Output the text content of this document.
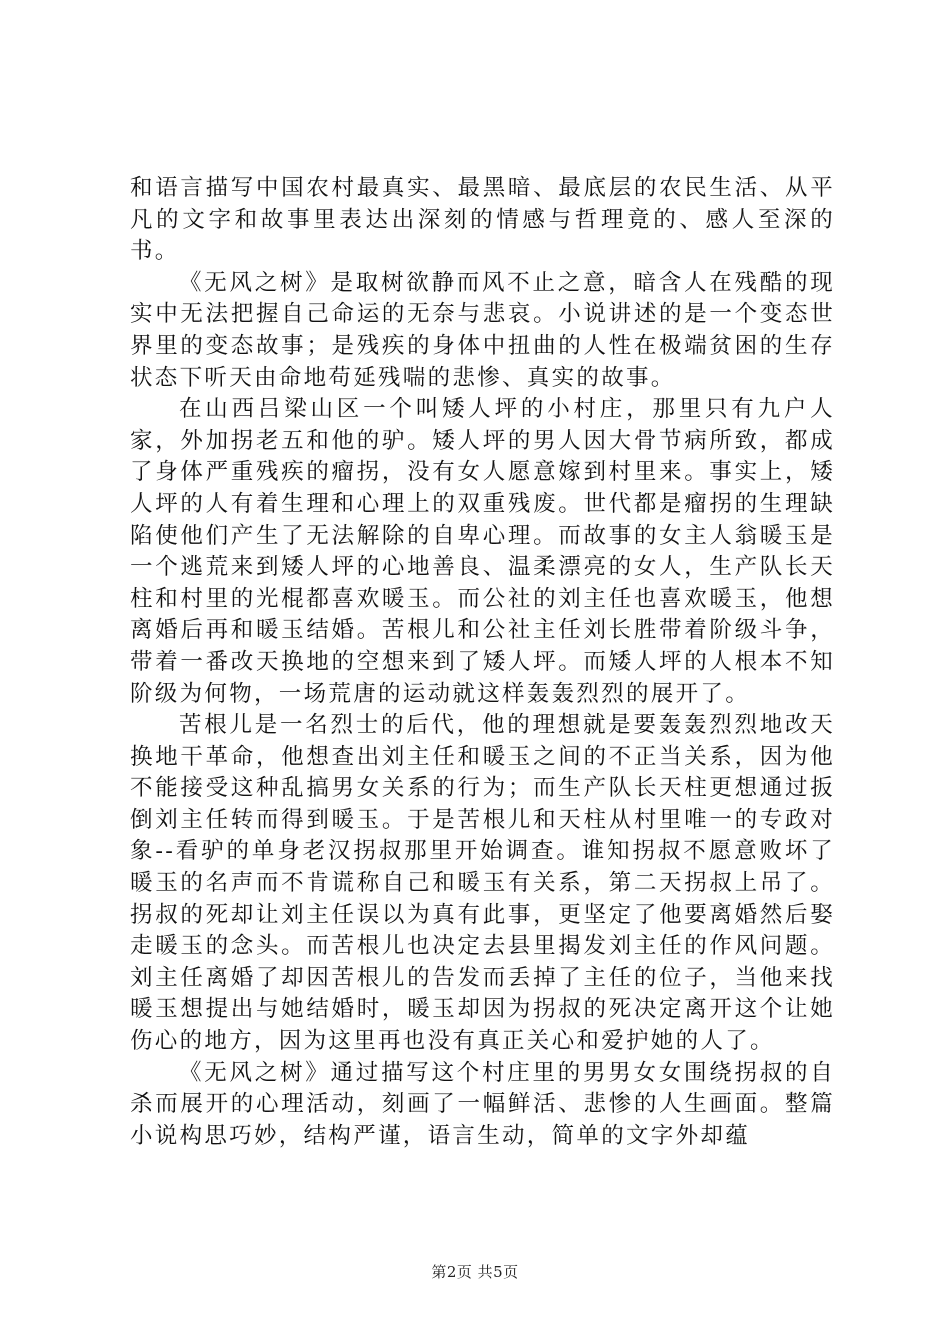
和语言描写中国农村最真实、最黑暗、最底层的农民生活、从平凡的文字和故事里表达出深刻的情感与哲理竟的、感人至深的书。

《无风之树》是取树欲静而风不止之意，暗含人在残酷的现实中无法把握自己命运的无奈与悲哀。小说讲述的是一个变态世界里的变态故事；是残疾的身体中扭曲的人性在极端贫困的生存状态下听天由命地苟延残喘的悲惨、真实的故事。

在山西吕梁山区一个叫矮人坪的小村庄，那里只有九户人家，外加拐老五和他的驴。矮人坪的男人因大骨节病所致，都成了身体严重残疾的瘤拐，没有女人愿意嫁到村里来。事实上，矮人坪的人有着生理和心理上的双重残废。世代都是瘤拐的生理缺陷使他们产生了无法解除的自卑心理。而故事的女主人翁暖玉是一个逃荒来到矮人坪的心地善良、温柔漂亮的女人，生产队长天柱和村里的光棍都喜欢暖玉。而公社的刘主任也喜欢暖玉，他想离婚后再和暖玉结婚。苦根儿和公社主任刘长胜带着阶级斗争，带着一番改天换地的空想来到了矮人坪。而矮人坪的人根本不知阶级为何物，一场荒唐的运动就这样轰轰烈烈的展开了。

苦根儿是一名烈士的后代，他的理想就是要轰轰烈烈地改天换地干革命，他想查出刘主任和暖玉之间的不正当关系，因为他不能接受这种乱搞男女关系的行为；而生产队长天柱更想通过扳倒刘主任转而得到暖玉。于是苦根儿和天柱从村里唯一的专政对象--看驴的单身老汉拐叔那里开始调查。谁知拐叔不愿意败坏了暖玉的名声而不肯谎称自己和暖玉有关系，第二天拐叔上吊了。拐叔的死却让刘主任误以为真有此事，更坚定了他要离婚然后娶走暖玉的念头。而苦根儿也决定去县里揭发刘主任的作风问题。刘主任离婚了却因苦根儿的告发而丢掉了主任的位子，当他来找暖玉想提出与她结婚时，暖玉却因为拐叔的死决定离开这个让她伤心的地方，因为这里再也没有真正关心和爱护她的人了。

《无风之树》通过描写这个村庄里的男男女女围绕拐叔的自杀而展开的心理活动，刻画了一幅鲜活、悲惨的人生画面。整篇小说构思巧妙，结构严谨，语言生动，简单的文字外却蕴

第2页 共5页
